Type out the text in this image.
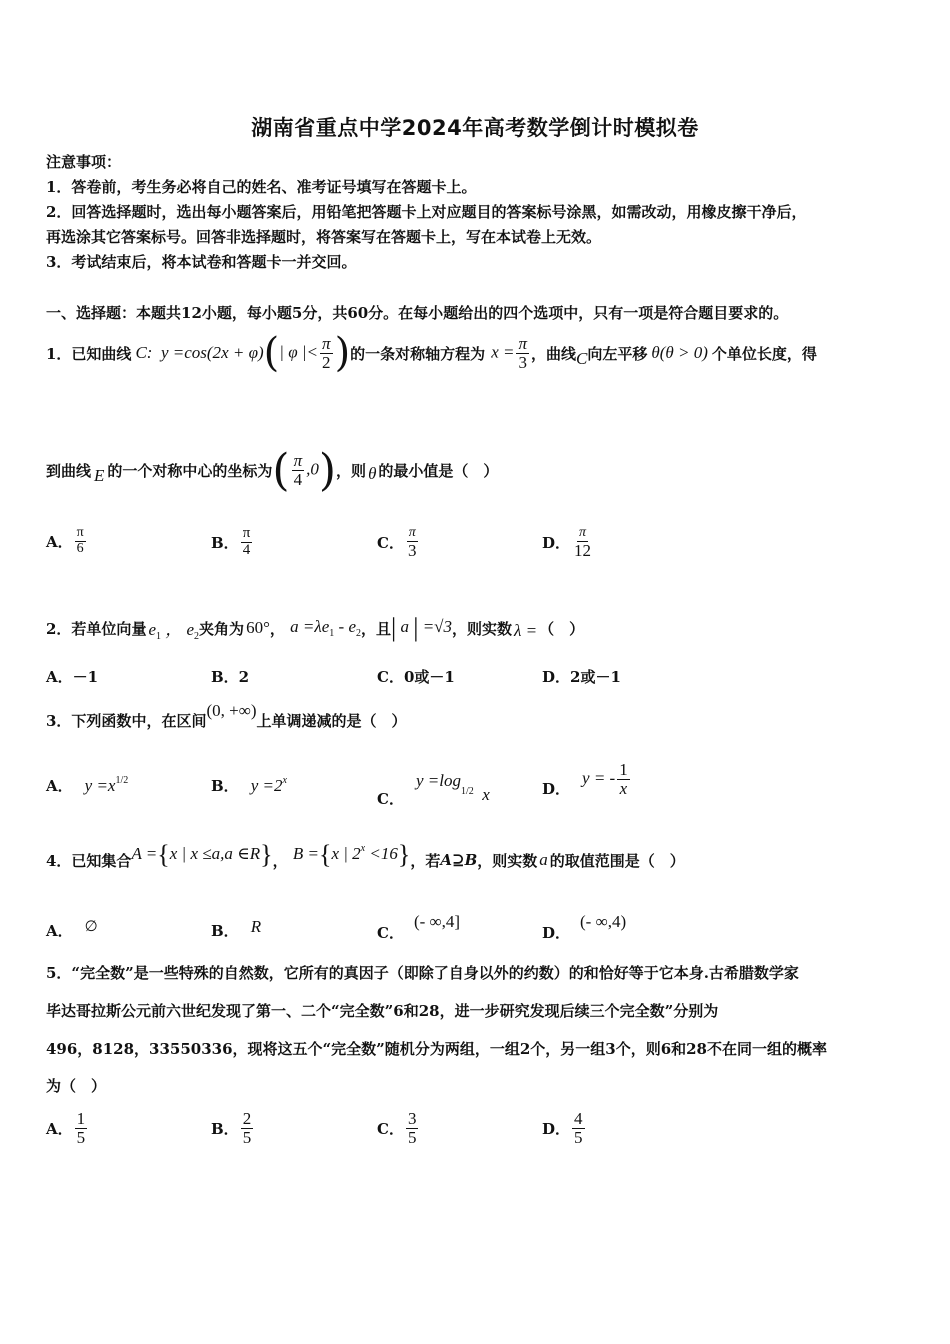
湖南省重点中学2024年高考数学倒计时模拟卷
注意事项：
1．答卷前，考生务必将自己的姓名、准考证号填写在答题卡上。
2．回答选择题时，选出每小题答案后，用铅笔把答题卡上对应题目的答案标号涂黑，如需改动，用橡皮擦干净后，
再选涂其它答案标号。回答非选择题时，将答案写在答题卡上，写在本试卷上无效。
3．考试结束后，将本试卷和答题卡一并交回。
一、选择题：本题共12小题，每小题5分，共60分。在每小题给出的四个选项中，只有一项是符合题目要求的。
1．已知曲线 C:  y =cos(2x + φ) ( | φ |< $\frac{\pi}{2}$ ) 的一条对称轴方程为 $x = \frac{\pi}{3}$ ，曲线 C 向左平移 θ(θ > 0) 个单位长度，得
到曲线 E 的一个对称中心的坐标为 ( $\frac{\pi}{4} ,0$ ) ，则 θ 的最小值是（　）
A． $\frac{\pi}{6}$	B． $\frac{\pi}{4}$	C． $\frac{\pi}{3}$	D． $\frac{\pi}{12}$
2．若单位向量 $e_1$ ， $e_2$ 夹角为 60° ， $a =\lambda e_1 - e_2$ ，且 | a | =√3 ，则实数 λ = （　）
A．－1	B．2	C．0或－1	D．2或－1
3．下列函数中，在区间
(0, +∞)
上单调递减的是（　）
A． $y =x^{1/2}$	B． $y =2^x$
C．
$y =\log_{1/2}$ x	D．
y = - $\frac{1}{x}$
4．已知集合 A ={x | x ≤a,a ∈R} ， B ={x | $2^x <16$} ，若 A⊇B ，则实数 a 的取值范围是（　）
A． ∅	B． R	C．
(- ∞,4]
D．
(- ∞,4)
5．“完全数”是一些特殊的自然数，它所有的真因子（即除了自身以外的约数）的和恰好等于它本身.古希腊数学家
毕达哥拉斯公元前六世纪发现了第一、二个“完全数”6和28，进一步研究发现后续三个完全数”分别为
496，8128，33550336，现将这五个“完全数”随机分为两组，一组2个，另一组3个，则6和28不在同一组的概率
为（　）
A． $\frac{1}{5}$	B． $\frac{2}{5}$	C． $\frac{3}{5}$	D． $\frac{4}{5}$
